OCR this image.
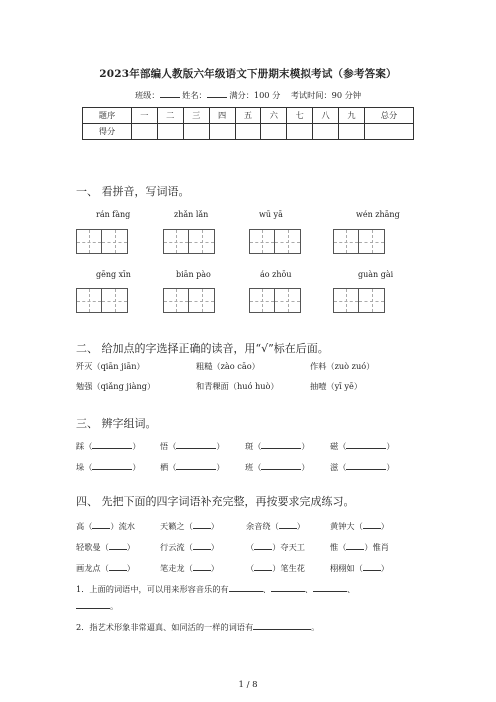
2023年部编人教版六年级语文下册期末模拟考试（参考答案）
班级：	姓名：	满分：100 分 考试时间：90 分钟
题序	一	二	三	四	五	六	七	八	九	总分
得分										
一、 看拼音，写词语。
rán fàng	zhǎn lǎn	wū yā	wén zhāng
gēng xīn	biān pào	áo zhōu	guàn gài
二、 给加点的字选择正确的读音，用“√”标在后面。
歼灭（qiān jiān）	粗糙（zào cāo）	作料（zuò zuó）
勉强（qiǎng jiàng）	和青稞面（huó huò）	抽噎（yī yē）
三、 辨字组词。
踩（	） 悟（	） 斑（	） 磁（	）
垛（	） 栖（	） 班（	） 滋（	）
四、 先把下面的四字词语补充完整，再按要求完成练习。
高（ ）流水	天籁之（ ）	余音绕（ ）	黄钟大（ ）
轻歌曼（ ）	行云流（ ）	（ ）夺天工	惟（ ）惟肖
画龙点（ ）	笔走龙（ ）	（ ）笔生花	栩栩如（ ）
1．上面的词语中，可以用来形容音乐的有	、	、	、
。
2．指艺术形象非常逼真、如同活的一样的词语有	。
1 / 8
